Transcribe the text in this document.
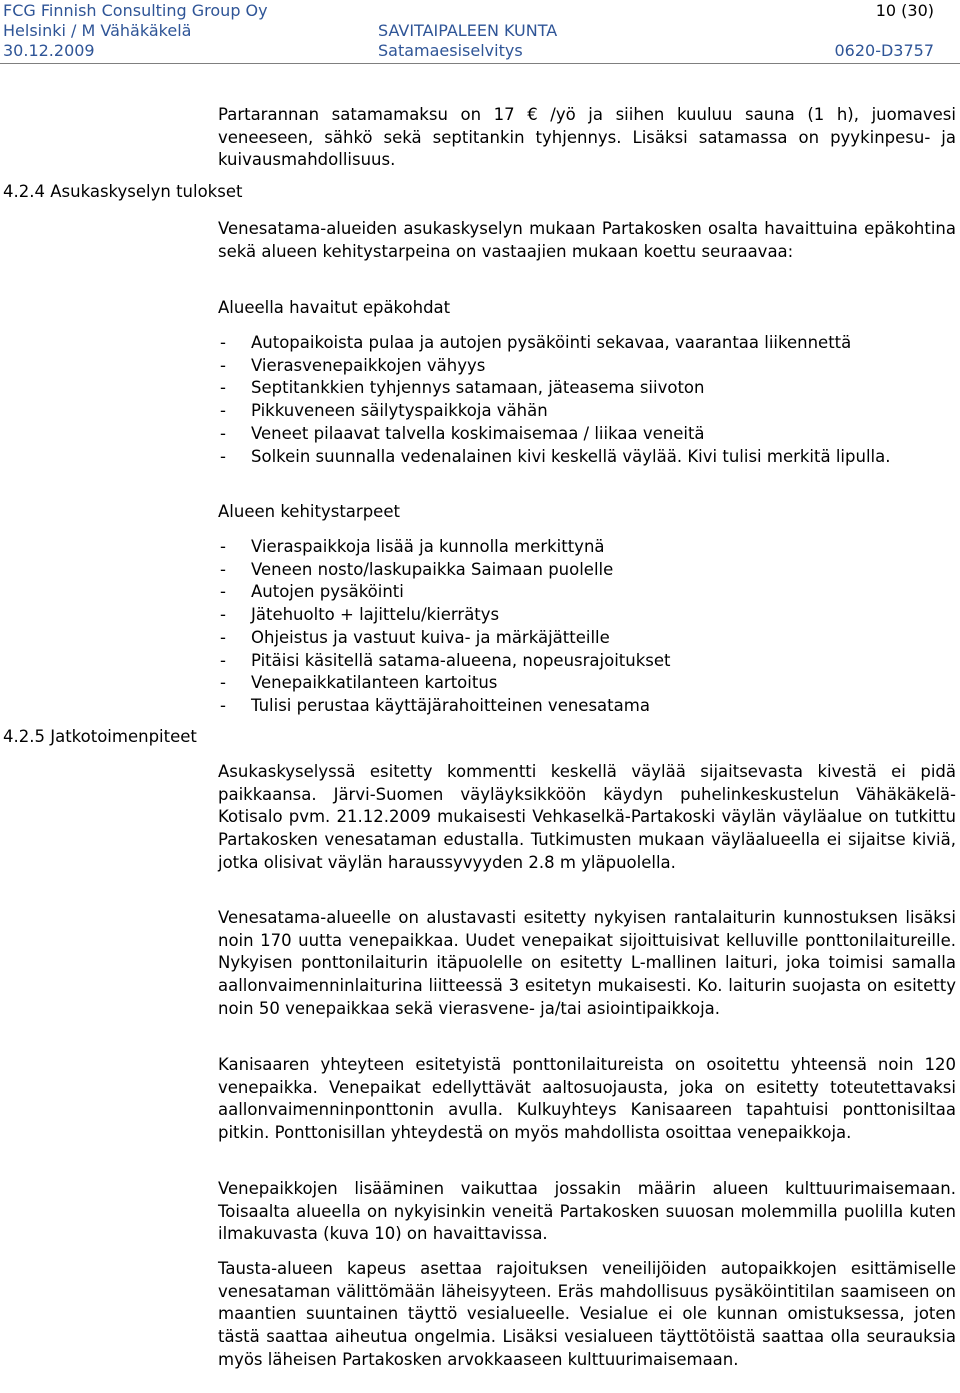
FCG Finnish Consulting Group Oy
Helsinki / M Vähäkäkelä
30.12.2009
SAVITAIPALEEN KUNTA
Satamaesiselvitys
10 (30)
0620-D3757
4.2.4 Asukaskyselyn tulokset
4.2.5 Jatkotoimenpiteet
Partarannan satamamaksu on 17 € /yö ja siihen kuuluu sauna (1 h), juomavesi veneeseen, sähkö sekä septitankin tyhjennys. Lisäksi satamassa on pyykinpesu- ja kuivausmahdollisuus.
Venesatama-alueiden asukaskyselyn mukaan Partakosken osalta havaittuina epäkohtina sekä alueen kehitystarpeina on vastaajien mukaan koettu seuraavaa:
Alueella havaitut epäkohdat
- Autopaikoista pulaa ja autojen pysäköinti sekavaa, vaarantaa liikennettä
- Vierasvenepaikkojen vähyys
- Septitankkien tyhjennys satamaan, jäteasema siivoton
- Pikkuveneen säilytyspaikkoja vähän
- Veneet pilaavat talvella koskimaisemaa / liikaa veneitä
- Solkein suunnalla vedenalainen kivi keskellä väylää. Kivi tulisi merkitä lipulla.
Alueen kehitystarpeet
- Vieraspaikkoja lisää ja kunnolla merkittynä
- Veneen nosto/laskupaikka Saimaan puolelle
- Autojen pysäköinti
- Jätehuolto + lajittelu/kierrätys
- Ohjeistus ja vastuut kuiva- ja märkäjätteille
- Pitäisi käsitellä satama-alueena, nopeusrajoitukset
- Venepaikkatilanteen kartoitus
- Tulisi perustaa käyttäjärahoitteinen venesatama
Asukaskyselyssä esitetty kommentti keskellä väylää sijaitsevasta kivestä ei pidä paikkaansa. Järvi-Suomen väyläyksikköön käydyn puhelinkeskustelun Vähäkäkelä-Kotisalo pvm. 21.12.2009 mukaisesti Vehkaselkä-Partakoski väylän väyläalue on tutkittu Partakosken venesataman edustalla. Tutkimusten mukaan väyläalueella ei sijaitse kiviä, jotka olisivat väylän haraussyvyyden 2.8 m yläpuolella.
Venesatama-alueelle on alustavasti esitetty nykyisen rantalaiturin kunnostuksen lisäksi noin 170 uutta venepaikkaa. Uudet venepaikat sijoittuisivat kelluville ponttonilaitureille. Nykyisen ponttonilaiturin itäpuolelle on esitetty L-mallinen laituri, joka toimisi samalla aallonvaimenninlaiturina liitteessä 3 esitetyn mukaisesti. Ko. laiturin suojasta on esitetty noin 50 venepaikkaa sekä vierasvene- ja/tai asiointipaikkoja.
Kanisaaren yhteyteen esitetyistä ponttonilaitureista on osoitettu yhteensä noin 120 venepaikka. Venepaikat edellyttävät aaltosuojausta, joka on esitetty toteutettavaksi aallonvaimenninponttonin avulla. Kulkuyhteys Kanisaareen tapahtuisi ponttonisiltaa pitkin. Ponttonisillan yhteydestä on myös mahdollista osoittaa venepaikkoja.
Venepaikkojen lisääminen vaikuttaa jossakin määrin alueen kulttuurimaisemaan. Toisaalta alueella on nykyisinkin veneitä Partakosken suuosan molemmilla puolilla kuten ilmakuvasta (kuva 10) on havaittavissa.
Tausta-alueen kapeus asettaa rajoituksen veneilijöiden autopaikkojen esittämiselle venesataman välittömään läheisyyteen. Eräs mahdollisuus pysäköintitilan saamiseen on maantien suuntainen täyttö vesialueelle. Vesialue ei ole kunnan omistuksessa, joten tästä saattaa aiheutua ongelmia. Lisäksi vesialueen täyttötöistä saattaa olla seurauksia myös läheisen Partakosken arvokkaaseen kulttuurimaisemaan.
